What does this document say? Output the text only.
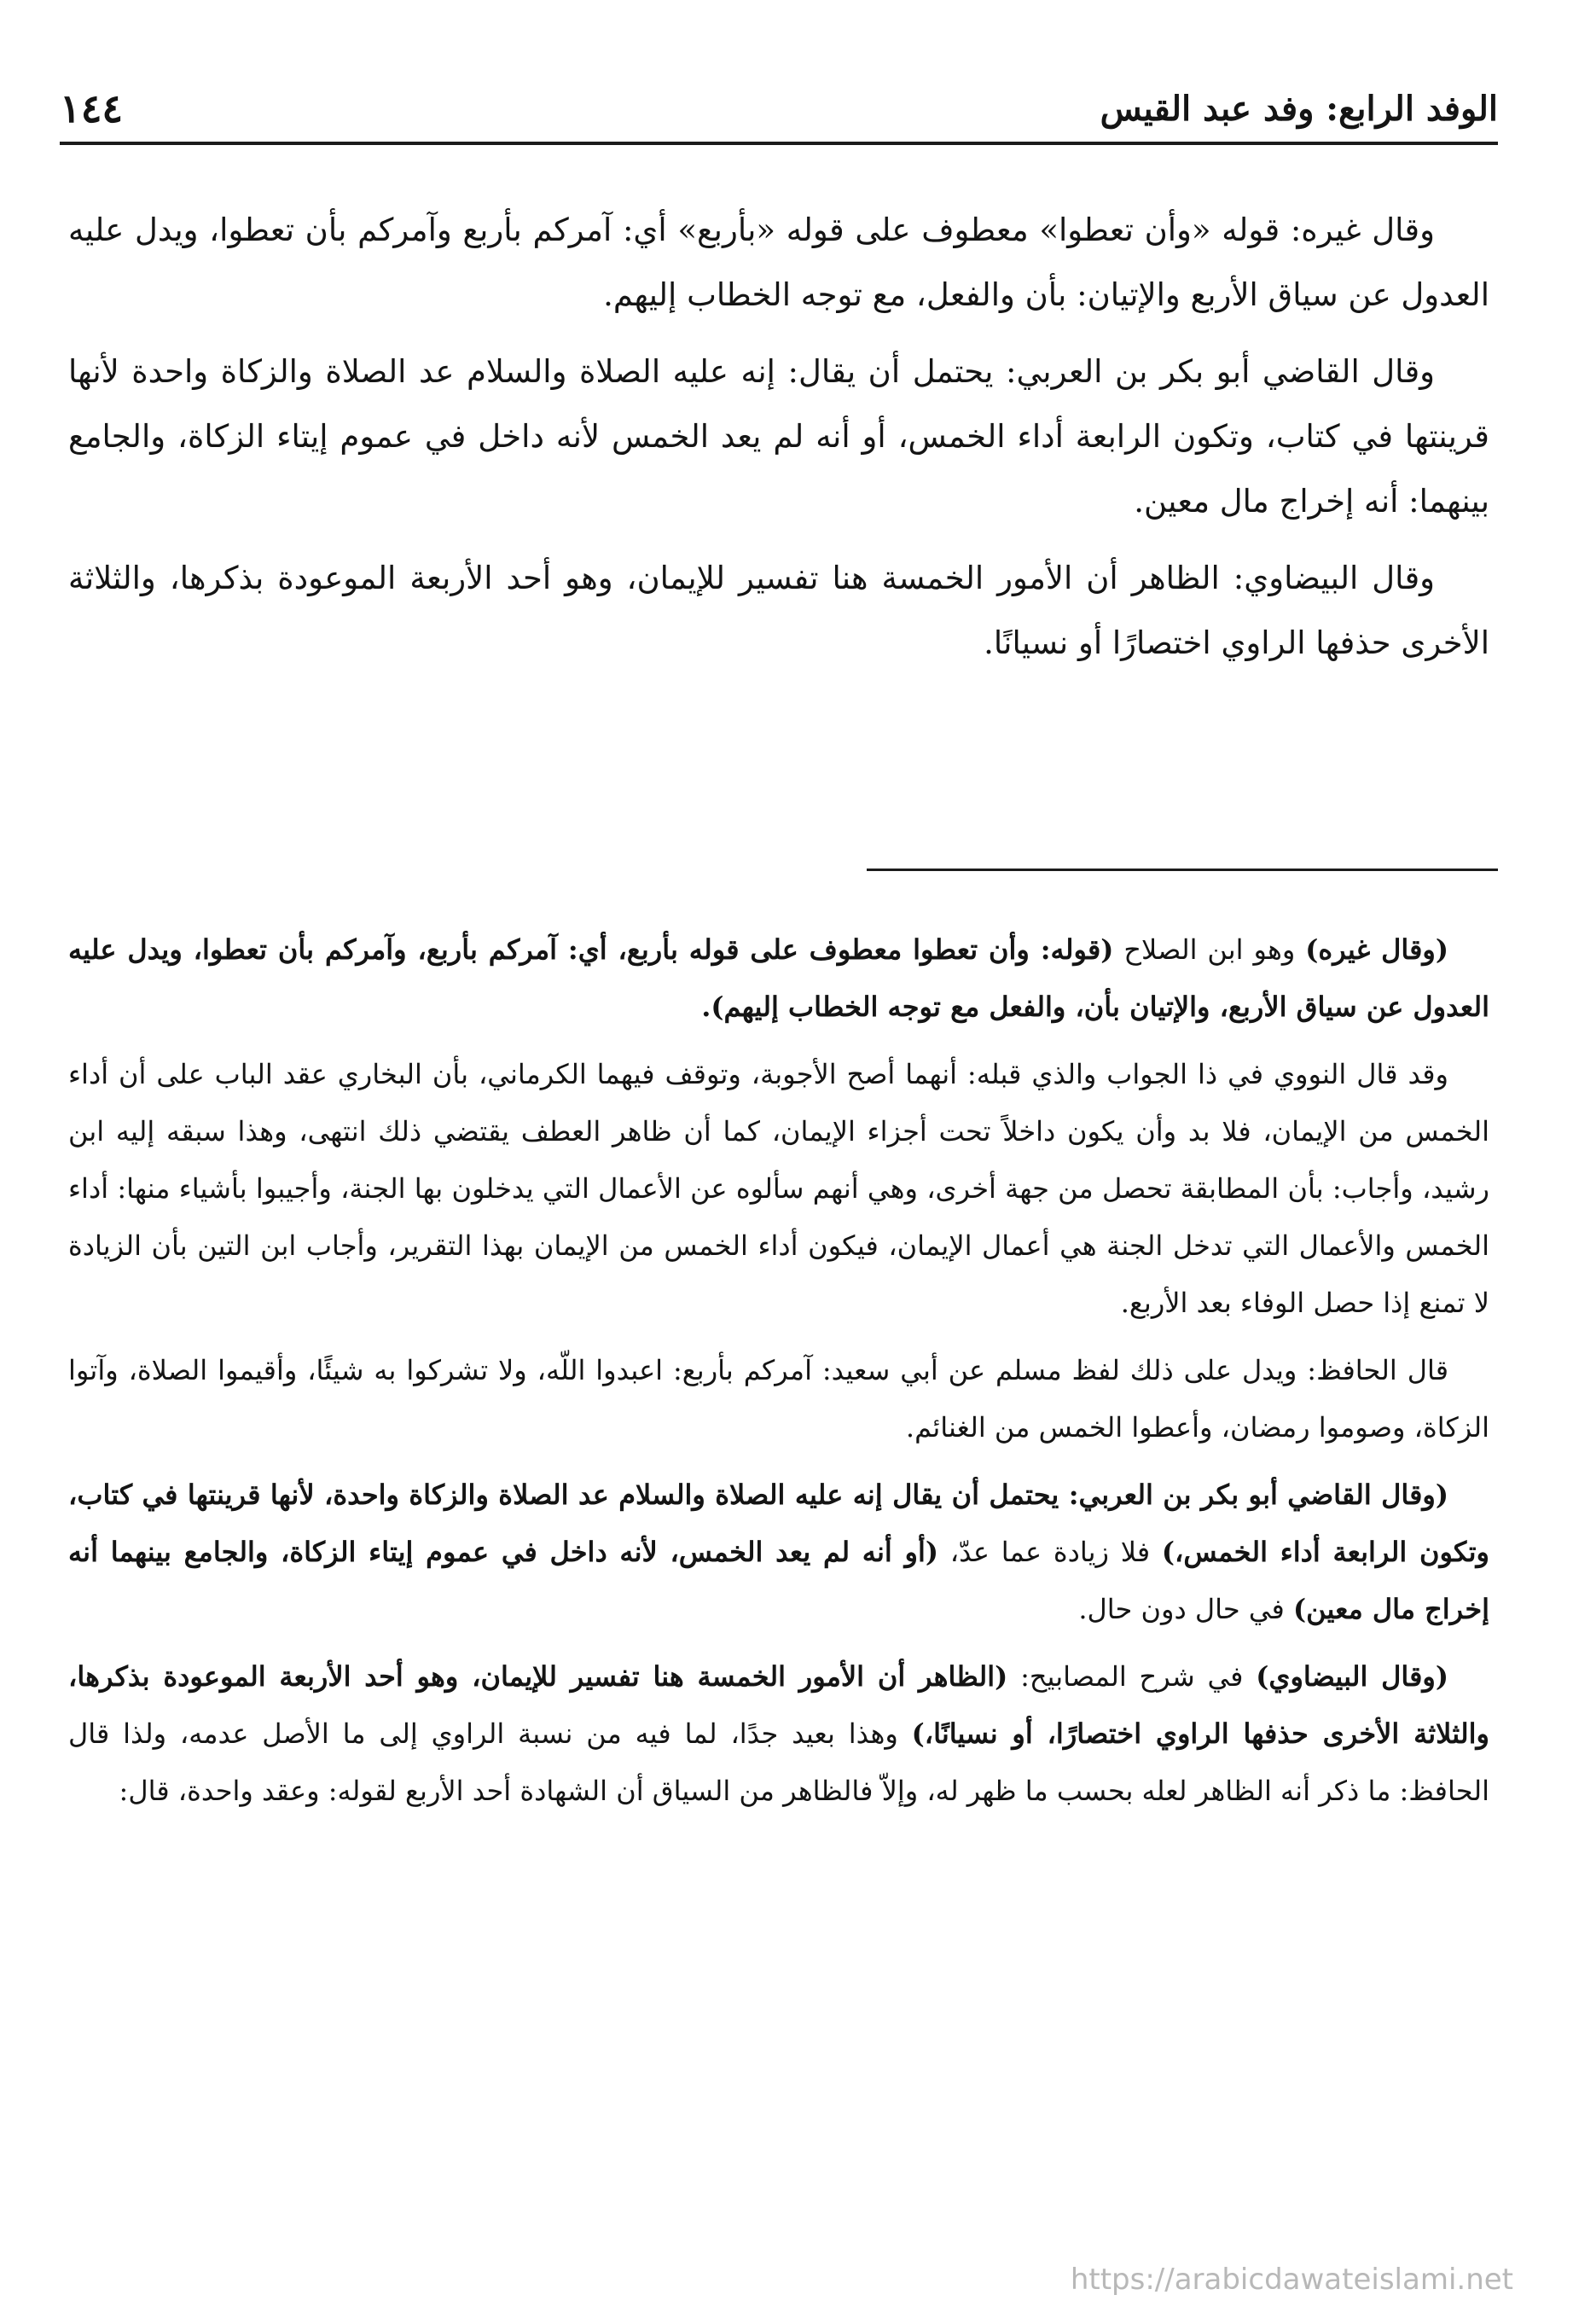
الوفد الرابع: وفد عبد القيس
١٤٤

وقال غيره: قوله «وأن تعطوا» معطوف على قوله «بأربع» أي: آمركم بأربع وآمركم بأن تعطوا، ويدل عليه العدول عن سياق الأربع والإتيان: بأن والفعل، مع توجه الخطاب إليهم.

وقال القاضي أبو بكر بن العربي: يحتمل أن يقال: إنه عليه الصلاة والسلام عد الصلاة والزكاة واحدة لأنها قرينتها في كتاب، وتكون الرابعة أداء الخمس، أو أنه لم يعد الخمس لأنه داخل في عموم إيتاء الزكاة، والجامع بينهما: أنه إخراج مال معين.

وقال البيضاوي: الظاهر أن الأمور الخمسة هنا تفسير للإيمان، وهو أحد الأربعة الموعودة بذكرها، والثلاثة الأخرى حذفها الراوي اختصارًا أو نسيانًا.

(وقال غيره) وهو ابن الصلاح (قوله: وأن تعطوا معطوف على قوله بأربع، أي: آمركم بأربع، وآمركم بأن تعطوا، ويدل عليه العدول عن سياق الأربع، والإتيان بأن، والفعل مع توجه الخطاب إليهم).

وقد قال النووي في ذا الجواب والذي قبله: أنهما أصح الأجوبة، وتوقف فيهما الكرماني، بأن البخاري عقد الباب على أن أداء الخمس من الإيمان، فلا بد وأن يكون داخلاً تحت أجزاء الإيمان، كما أن ظاهر العطف يقتضي ذلك انتهى، وهذا سبقه إليه ابن رشيد، وأجاب: بأن المطابقة تحصل من جهة أخرى، وهي أنهم سألوه عن الأعمال التي يدخلون بها الجنة، وأجيبوا بأشياء منها: أداء الخمس والأعمال التي تدخل الجنة هي أعمال الإيمان، فيكون أداء الخمس من الإيمان بهذا التقرير، وأجاب ابن التين بأن الزيادة لا تمنع إذا حصل الوفاء بعد الأربع.

قال الحافظ: ويدل على ذلك لفظ مسلم عن أبي سعيد: آمركم بأربع: اعبدوا اللّه، ولا تشركوا به شيئًا، وأقيموا الصلاة، وآتوا الزكاة، وصوموا رمضان، وأعطوا الخمس من الغنائم.

(وقال القاضي أبو بكر بن العربي: يحتمل أن يقال إنه عليه الصلاة والسلام عد الصلاة والزكاة واحدة، لأنها قرينتها في كتاب، وتكون الرابعة أداء الخمس،) فلا زيادة عما عدّ، (أو أنه لم يعد الخمس، لأنه داخل في عموم إيتاء الزكاة، والجامع بينهما أنه إخراج مال معين) في حال دون حال.

(وقال البيضاوي) في شرح المصابيح: (الظاهر أن الأمور الخمسة هنا تفسير للإيمان، وهو أحد الأربعة الموعودة بذكرها، والثلاثة الأخرى حذفها الراوي اختصارًا، أو نسيانًا،) وهذا بعيد جدًا، لما فيه من نسبة الراوي إلى ما الأصل عدمه، ولذا قال الحافظ: ما ذكر أنه الظاهر لعله بحسب ما ظهر له، وإلاّ فالظاهر من السياق أن الشهادة أحد الأربع لقوله: وعقد واحدة، قال:

https://arabicdawateislami.net
